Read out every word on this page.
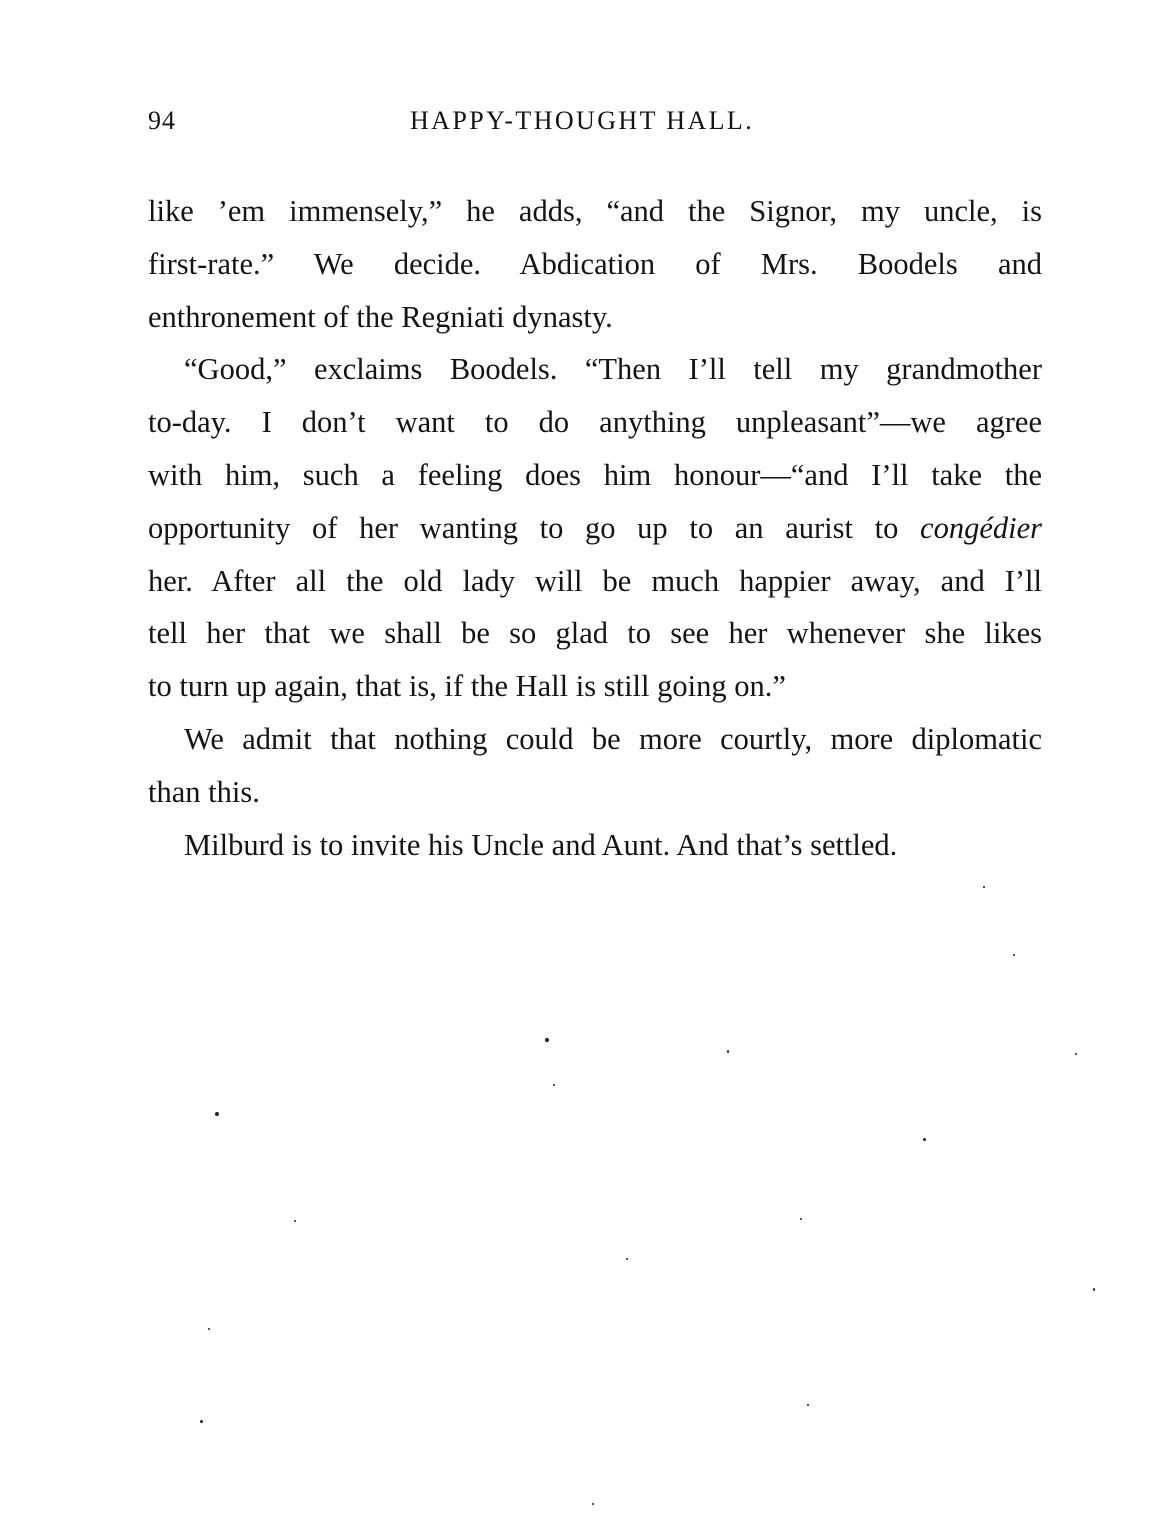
94	HAPPY-THOUGHT HALL.
like ’em immensely,” he adds, “and the Signor, my uncle, is
first-rate.” We decide. Abdication of Mrs. Boodels and
enthronement of the Regniati dynasty.
“Good,” exclaims Boodels. “Then I’ll tell my grandmother
to-day. I don’t want to do anything unpleasant”—we agree
with him, such a feeling does him honour—“and I’ll take the
opportunity of her wanting to go up to an aurist to congédier
her. After all the old lady will be much happier away, and I’ll
tell her that we shall be so glad to see her whenever she likes
to turn up again, that is, if the Hall is still going on.”
We admit that nothing could be more courtly, more diplomatic
than this.
Milburd is to invite his Uncle and Aunt. And that’s settled.
